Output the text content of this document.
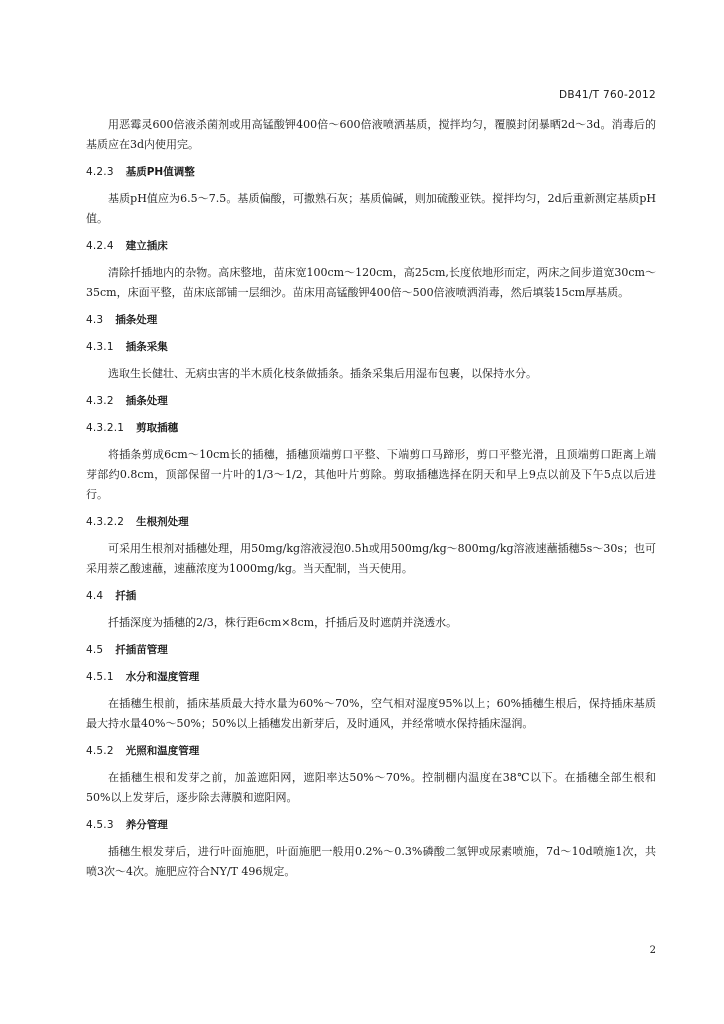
DB41/T 760-2012

用恶霉灵600倍液杀菌剂或用高锰酸钾400倍～600倍液喷洒基质，搅拌均匀，覆膜封闭暴晒2d～3d。消毒后的基质应在3d内使用完。

4.2.3 基质PH值调整

基质pH值应为6.5～7.5。基质偏酸，可撒熟石灰；基质偏碱，则加硫酸亚铁。搅拌均匀，2d后重新测定基质pH值。

4.2.4 建立插床

清除扦插地内的杂物。高床整地，苗床宽100cm～120cm，高25cm,长度依地形而定，两床之间步道宽30cm～35cm，床面平整，苗床底部铺一层细沙。苗床用高锰酸钾400倍～500倍液喷洒消毒，然后填装15cm厚基质。

4.3 插条处理
4.3.1 插条采集

选取生长健壮、无病虫害的半木质化枝条做插条。插条采集后用湿布包裹，以保持水分。

4.3.2 插条处理
4.3.2.1 剪取插穗

将插条剪成6cm～10cm长的插穗，插穗顶端剪口平整、下端剪口马蹄形，剪口平整光滑，且顶端剪口距离上端芽部约0.8cm，顶部保留一片叶的1/3～1/2，其他叶片剪除。剪取插穗选择在阴天和早上9点以前及下午5点以后进行。

4.3.2.2 生根剂处理

可采用生根剂对插穗处理，用50mg/kg溶液浸泡0.5h或用500mg/kg～800mg/kg溶液速蘸插穗5s～30s；也可采用萘乙酸速蘸，速蘸浓度为1000mg/kg。当天配制，当天使用。

4.4 扦插

扦插深度为插穗的2/3，株行距6cm×8cm，扦插后及时遮荫并浇透水。

4.5 扦插苗管理
4.5.1 水分和湿度管理

在插穗生根前，插床基质最大持水量为60%～70%，空气相对湿度95%以上；60%插穗生根后，保持插床基质最大持水量40%～50%；50%以上插穗发出新芽后，及时通风，并经常喷水保持插床湿润。

4.5.2 光照和温度管理

在插穗生根和发芽之前，加盖遮阳网，遮阳率达50%～70%。控制棚内温度在38℃以下。在插穗全部生根和50%以上发芽后，逐步除去薄膜和遮阳网。

4.5.3 养分管理

插穗生根发芽后，进行叶面施肥，叶面施肥一般用0.2%～0.3%磷酸二氢钾或尿素喷施，7d～10d喷施1次，共喷3次～4次。施肥应符合NY/T 496规定。

2
